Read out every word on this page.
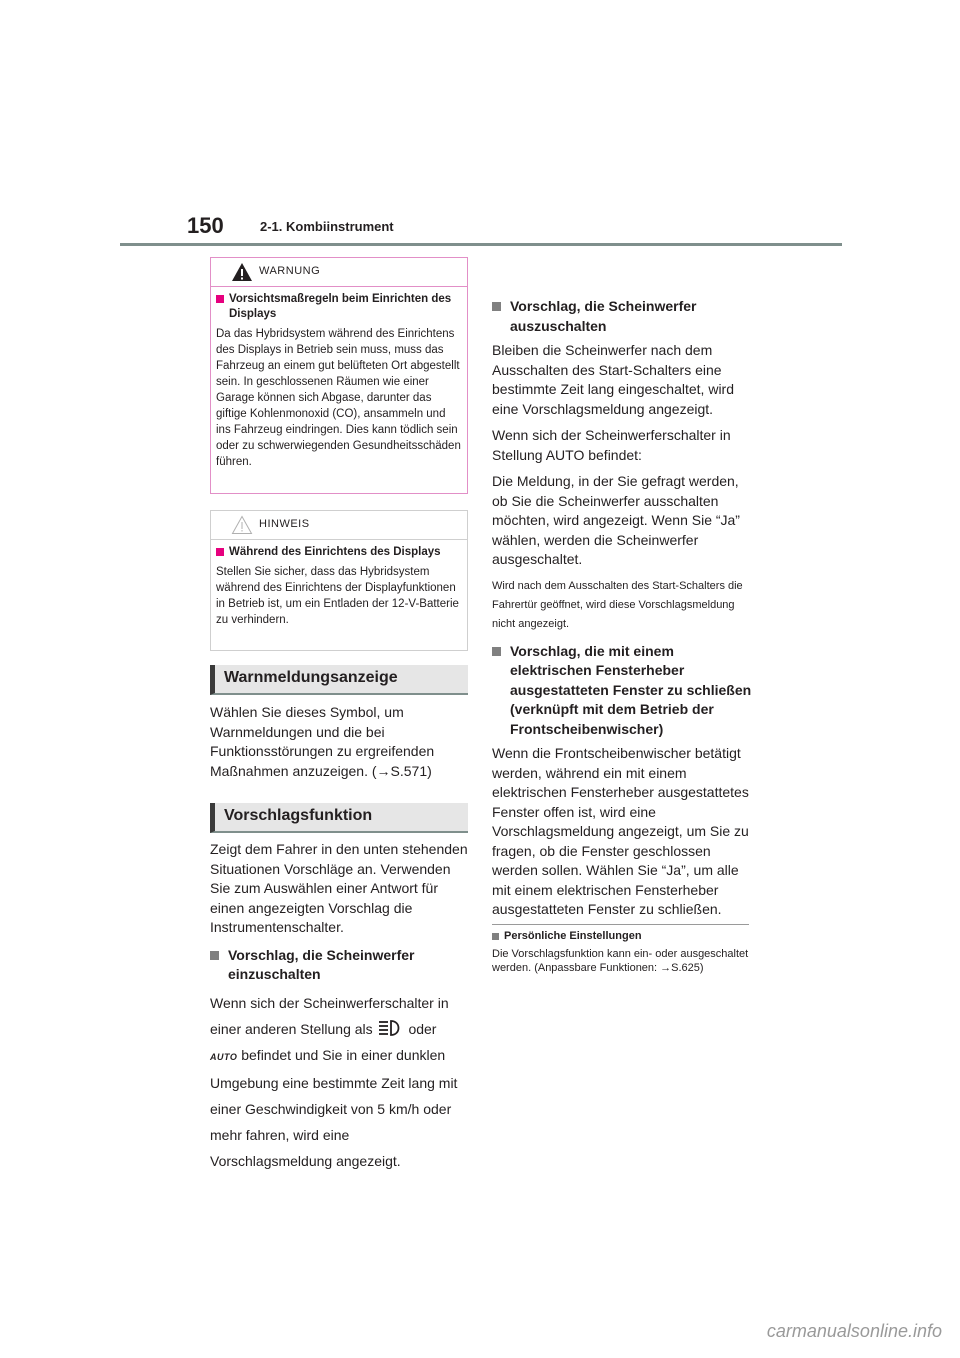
150	2-1. Kombiinstrument
WARNUNG
Vorsichtsmaßregeln beim Einrichten des Displays
Da das Hybridsystem während des Einrichtens des Displays in Betrieb sein muss, muss das Fahrzeug an einem gut belüfteten Ort abgestellt sein. In geschlossenen Räumen wie einer Garage können sich Abgase, darunter das giftige Kohlenmonoxid (CO), ansammeln und ins Fahrzeug eindringen. Dies kann tödlich sein oder zu schwerwiegenden Gesundheitsschäden führen.
HINWEIS
Während des Einrichtens des Displays
Stellen Sie sicher, dass das Hybridsystem während des Einrichtens der Displayfunktionen in Betrieb ist, um ein Entladen der 12-V-Batterie zu verhindern.
Warnmeldungsanzeige

Wählen Sie dieses Symbol, um Warnmeldungen und die bei Funktionsstörungen zu ergreifenden Maßnahmen anzuzeigen. (→S.571)

Vorschlagsfunktion

Zeigt dem Fahrer in den unten stehenden Situationen Vorschläge an. Verwenden Sie zum Auswählen einer Antwort für einen angezeigten Vorschlag die Instrumentenschalter.

Vorschlag, die Scheinwerfer einzuschalten

Wenn sich der Scheinwerferschalter in einer anderen Stellung als	oder
AUTO befindet und Sie in einer dunklen Umgebung eine bestimmte Zeit lang mit einer Geschwindigkeit von 5 km/h oder mehr fahren, wird eine Vorschlagsmeldung angezeigt.

Vorschlag, die Scheinwerfer auszuschalten

Bleiben die Scheinwerfer nach dem Ausschalten des Start-Schalters eine bestimmte Zeit lang eingeschaltet, wird eine Vorschlagsmeldung angezeigt.

Wenn sich der Scheinwerferschalter in Stellung AUTO befindet:

Die Meldung, in der Sie gefragt werden, ob Sie die Scheinwerfer ausschalten möchten, wird angezeigt. Wenn Sie “Ja” wählen, werden die Scheinwerfer ausgeschaltet.

Wird nach dem Ausschalten des Start-Schalters die Fahrertür geöffnet, wird diese Vorschlagsmeldung nicht angezeigt.

Vorschlag, die mit einem elektrischen Fensterheber ausgestatteten Fenster zu schließen (verknüpft mit dem Betrieb der Frontscheibenwischer)

Wenn die Frontscheibenwischer betätigt werden, während ein mit einem elektrischen Fensterheber ausgestattetes Fenster offen ist, wird eine Vorschlagsmeldung angezeigt, um Sie zu fragen, ob die Fenster geschlossen werden sollen. Wählen Sie “Ja”, um alle mit einem elektrischen Fensterheber ausgestatteten Fenster zu schließen.

Persönliche Einstellungen
Die Vorschlagsfunktion kann ein- oder ausgeschaltet werden. (Anpassbare Funktionen: →S.625)
carmanualsonline.info
